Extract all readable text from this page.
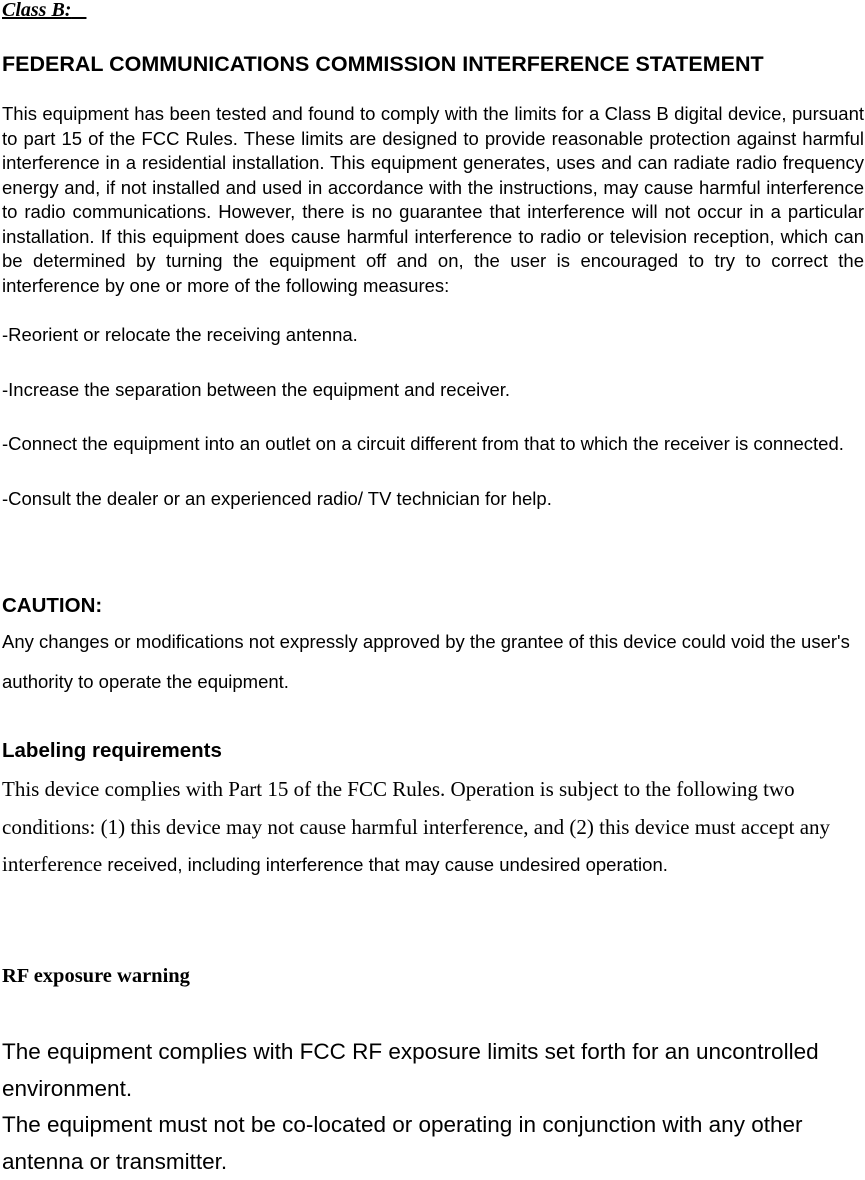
Class B:
FEDERAL COMMUNICATIONS COMMISSION INTERFERENCE STATEMENT
This equipment has been tested and found to comply with the limits for a Class B digital device, pursuant to part 15 of the FCC Rules. These limits are designed to provide reasonable protection against harmful interference in a residential installation. This equipment generates, uses and can radiate radio frequency energy and, if not installed and used in accordance with the instructions, may cause harmful interference to radio communications. However, there is no guarantee that interference will not occur in a particular installation. If this equipment does cause harmful interference to radio or television reception, which can be determined by turning the equipment off and on, the user is encouraged to try to correct the interference by one or more of the following measures:

-Reorient or relocate the receiving antenna.

-Increase the separation between the equipment and receiver.

-Connect the equipment into an outlet on a circuit different from that to which the receiver is connected.

-Consult the dealer or an experienced radio/ TV technician for help.

CAUTION:
Any changes or modifications not expressly approved by the grantee of this device could void the user's authority to operate the equipment.
Labeling requirements
This device complies with Part 15 of the FCC Rules. Operation is subject to the following two conditions: (1) this device may not cause harmful interference, and (2) this device must accept any interference received, including interference that may cause undesired operation.
RF exposure warning
The equipment complies with FCC RF exposure limits set forth for an uncontrolled environment.
The equipment must not be co-located or operating in conjunction with any other antenna or transmitter.
